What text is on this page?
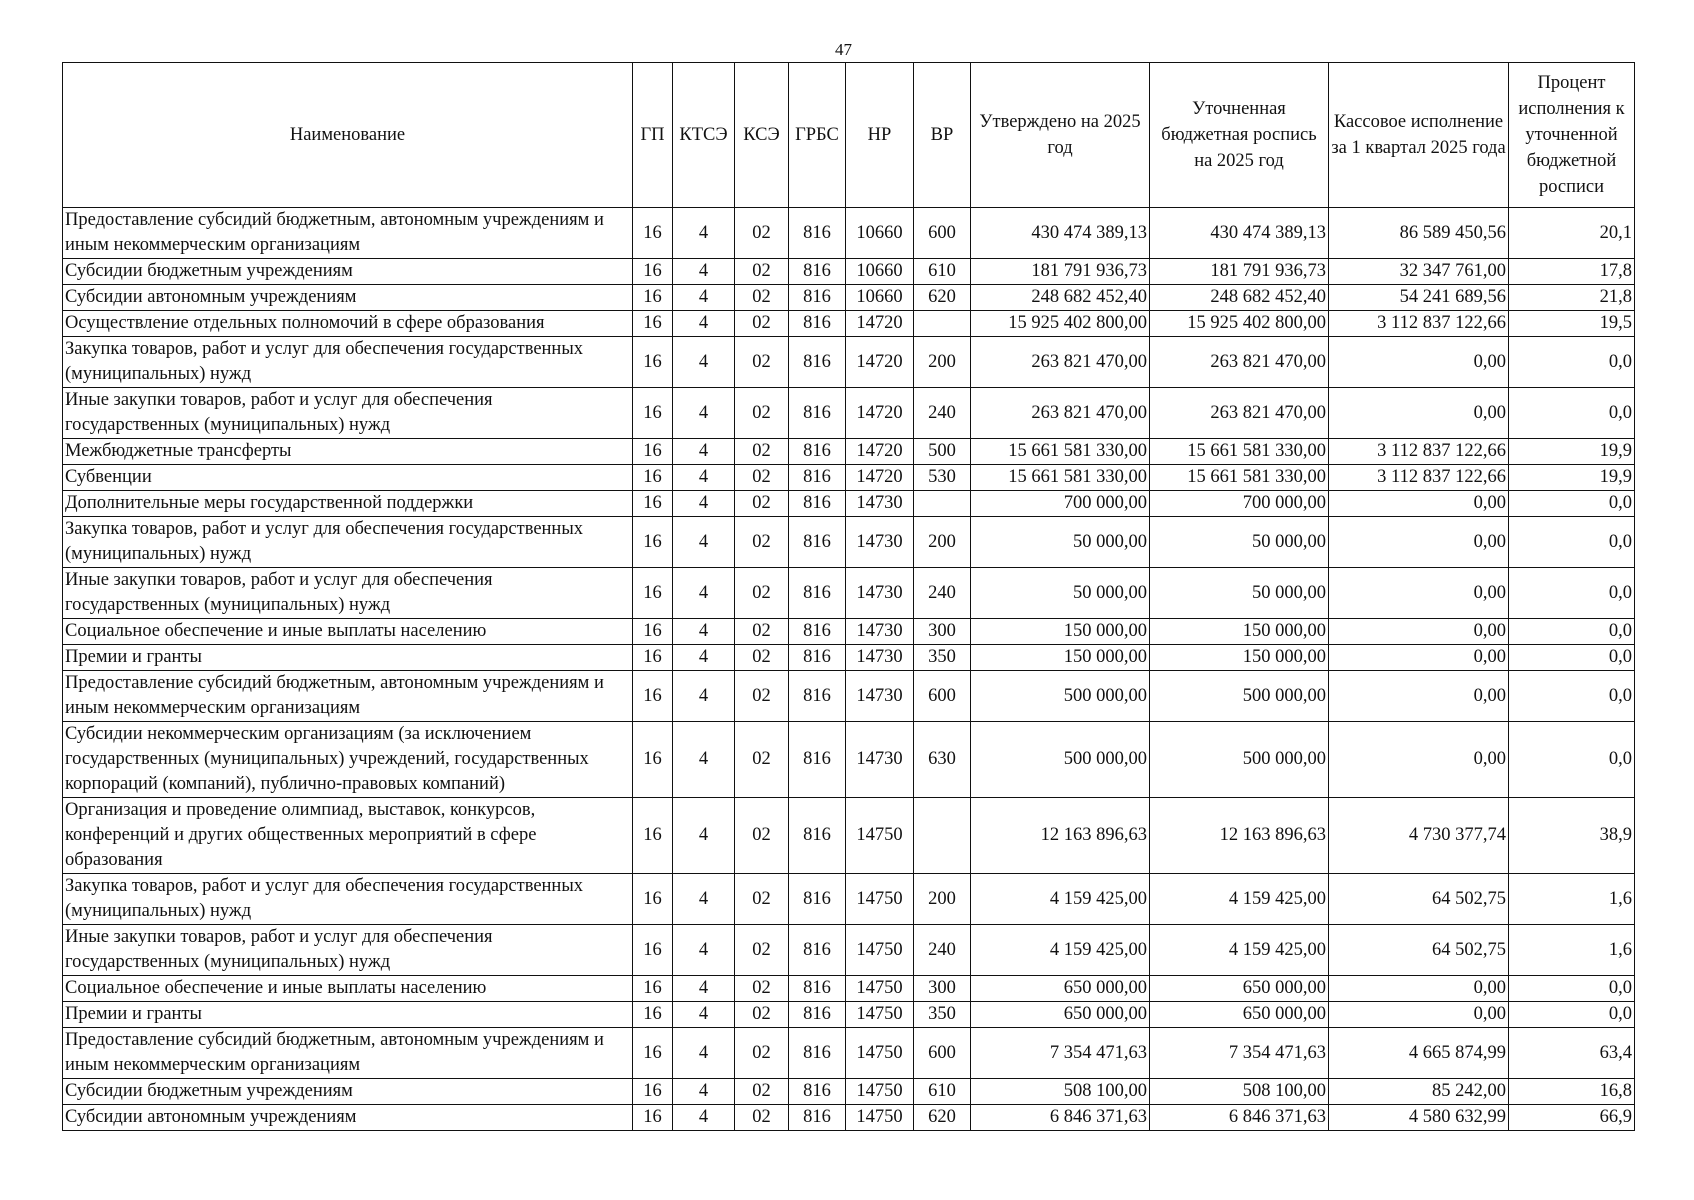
47
Наименование	ГП	КТСЭ	КСЭ	ГРБС	НР	ВР	Утверждено на 2025 год	Уточненная бюджетная роспись на 2025 год	Кассовое исполнение за 1 квартал 2025 года	Процент исполнения к уточненной бюджетной росписи
Предоставление субсидий бюджетным, автономным учреждениям и иным некоммерческим организациям	16	4	02	816	10660	600	430 474 389,13	430 474 389,13	86 589 450,56	20,1
Субсидии бюджетным учреждениям	16	4	02	816	10660	610	181 791 936,73	181 791 936,73	32 347 761,00	17,8
Субсидии автономным учреждениям	16	4	02	816	10660	620	248 682 452,40	248 682 452,40	54 241 689,56	21,8
Осуществление отдельных полномочий в сфере образования	16	4	02	816	14720		15 925 402 800,00	15 925 402 800,00	3 112 837 122,66	19,5
Закупка товаров, работ и услуг для обеспечения государственных (муниципальных) нужд	16	4	02	816	14720	200	263 821 470,00	263 821 470,00	0,00	0,0
Иные закупки товаров, работ и услуг для обеспечения государственных (муниципальных) нужд	16	4	02	816	14720	240	263 821 470,00	263 821 470,00	0,00	0,0
Межбюджетные трансферты	16	4	02	816	14720	500	15 661 581 330,00	15 661 581 330,00	3 112 837 122,66	19,9
Субвенции	16	4	02	816	14720	530	15 661 581 330,00	15 661 581 330,00	3 112 837 122,66	19,9
Дополнительные меры государственной поддержки	16	4	02	816	14730		700 000,00	700 000,00	0,00	0,0
Закупка товаров, работ и услуг для обеспечения государственных (муниципальных) нужд	16	4	02	816	14730	200	50 000,00	50 000,00	0,00	0,0
Иные закупки товаров, работ и услуг для обеспечения государственных (муниципальных) нужд	16	4	02	816	14730	240	50 000,00	50 000,00	0,00	0,0
Социальное обеспечение и иные выплаты населению	16	4	02	816	14730	300	150 000,00	150 000,00	0,00	0,0
Премии и гранты	16	4	02	816	14730	350	150 000,00	150 000,00	0,00	0,0
Предоставление субсидий бюджетным, автономным учреждениям и иным некоммерческим организациям	16	4	02	816	14730	600	500 000,00	500 000,00	0,00	0,0
Субсидии некоммерческим организациям (за исключением государственных (муниципальных) учреждений, государственных корпораций (компаний), публично-правовых компаний)	16	4	02	816	14730	630	500 000,00	500 000,00	0,00	0,0
Организация и проведение олимпиад, выставок, конкурсов, конференций и других общественных мероприятий в сфере образования	16	4	02	816	14750		12 163 896,63	12 163 896,63	4 730 377,74	38,9
Закупка товаров, работ и услуг для обеспечения государственных (муниципальных) нужд	16	4	02	816	14750	200	4 159 425,00	4 159 425,00	64 502,75	1,6
Иные закупки товаров, работ и услуг для обеспечения государственных (муниципальных) нужд	16	4	02	816	14750	240	4 159 425,00	4 159 425,00	64 502,75	1,6
Социальное обеспечение и иные выплаты населению	16	4	02	816	14750	300	650 000,00	650 000,00	0,00	0,0
Премии и гранты	16	4	02	816	14750	350	650 000,00	650 000,00	0,00	0,0
Предоставление субсидий бюджетным, автономным учреждениям и иным некоммерческим организациям	16	4	02	816	14750	600	7 354 471,63	7 354 471,63	4 665 874,99	63,4
Субсидии бюджетным учреждениям	16	4	02	816	14750	610	508 100,00	508 100,00	85 242,00	16,8
Субсидии автономным учреждениям	16	4	02	816	14750	620	6 846 371,63	6 846 371,63	4 580 632,99	66,9
